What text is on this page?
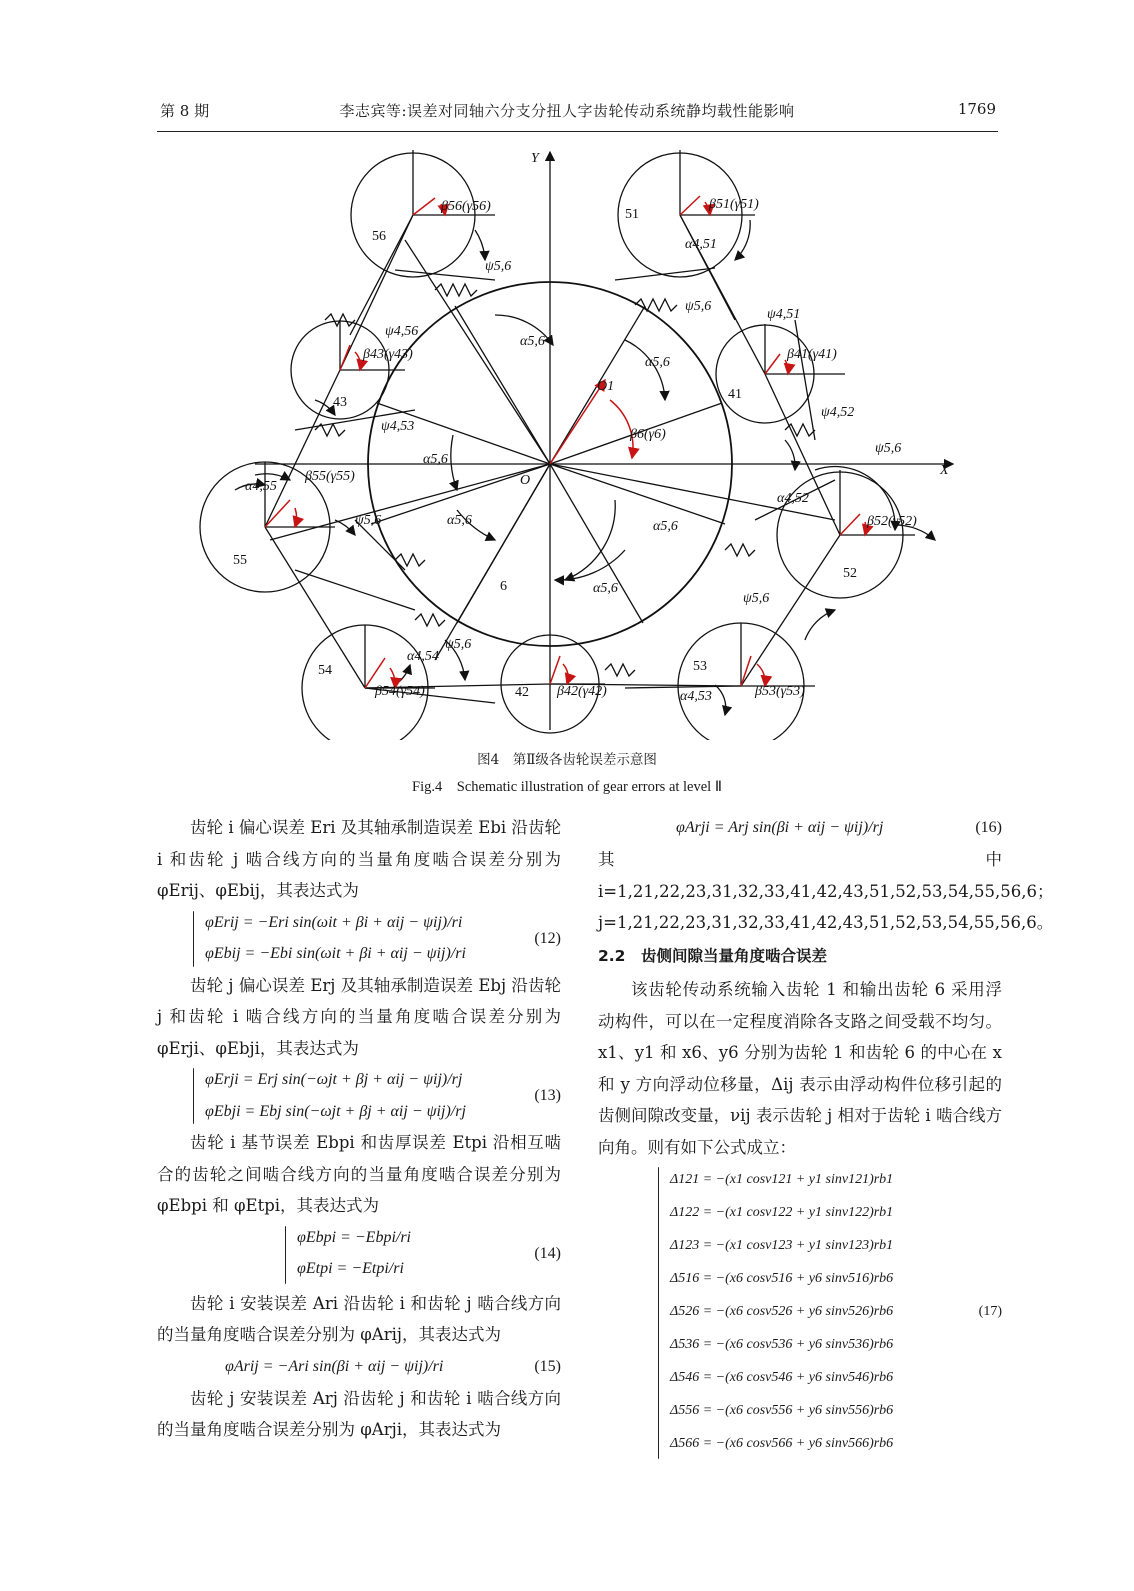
第 8 期	李志宾等:误差对同轴六分支分扭人字齿轮传动系统静均载性能影响	1769
Y
X
O
O1
6
β6(γ6)
α5,6
α5,6
α5,6
α5,6	α5,6
α5,6
ψ5,6
ψ5,6
ψ5,6
ψ5,6
ψ5,6
ψ5,6
56
51
43
41
55
52
54
42
53
β56(γ56)	β51(γ51)
β43(γ43)	β41(γ41)
β55(γ55)
β52(γ52)
β54(γ54)	β42(γ42)	β53(γ53)
α4,51
α4,55
α4,52
α4,54
α4,53
ψ4,56
ψ4,51
ψ4,53
ψ4,52
图4　第Ⅱ级各齿轮误差示意图
Fig.4　Schematic illustration of gear errors at level Ⅱ

齿轮 i 偏心误差 Eri 及其轴承制造误差 Ebi 沿齿轮 i 和齿轮 j 啮合线方向的当量角度啮合误差分别为 φErij、φEbij，其表达式为

φErij = −Eri sin(ωit + βi + αij − ψij)/ri
φEbij = −Ebi sin(ωit + βi + αij − ψij)/ri
(12)

齿轮 j 偏心误差 Erj 及其轴承制造误差 Ebj 沿齿轮 j 和齿轮 i 啮合线方向的当量角度啮合误差分别为 φErji、φEbji，其表达式为

φErji = Erj sin(−ωjt + βj + αij − ψij)/rj
φEbji = Ebj sin(−ωjt + βj + αij − ψij)/rj
(13)

齿轮 i 基节误差 Ebpi 和齿厚误差 Etpi 沿相互啮合的齿轮之间啮合线方向的当量角度啮合误差分别为 φEbpi 和 φEtpi，其表达式为

φEbpi = −Ebpi/ri
φEtpi = −Etpi/ri
(14)

齿轮 i 安装误差 Ari 沿齿轮 i 和齿轮 j 啮合线方向的当量角度啮合误差分别为 φArij，其表达式为

φArij = −Ari sin(βi + αij − ψij)/ri	(15)

齿轮 j 安装误差 Arj 沿齿轮 j 和齿轮 i 啮合线方向的当量角度啮合误差分别为 φArji，其表达式为

φArji = Arj sin(βi + αij − ψij)/rj	(16)

其中 i=1,21,22,23,31,32,33,41,42,43,51,52,53,54,55,56,6；j=1,21,22,23,31,32,33,41,42,43,51,52,53,54,55,56,6。

2.2　齿侧间隙当量角度啮合误差

该齿轮传动系统输入齿轮 1 和输出齿轮 6 采用浮动构件，可以在一定程度消除各支路之间受载不均匀。x1、y1 和 x6、y6 分别为齿轮 1 和齿轮 6 的中心在 x 和 y 方向浮动位移量，Δij 表示由浮动构件位移引起的齿侧间隙改变量，νij 表示齿轮 j 相对于齿轮 i 啮合线方向角。则有如下公式成立：

Δ121 = −(x1 cosν121 + y1 sinν121)rb1
Δ122 = −(x1 cosν122 + y1 sinν122)rb1
Δ123 = −(x1 cosν123 + y1 sinν123)rb1
Δ516 = −(x6 cosν516 + y6 sinν516)rb6
Δ526 = −(x6 cosν526 + y6 sinν526)rb6
Δ536 = −(x6 cosν536 + y6 sinν536)rb6
Δ546 = −(x6 cosν546 + y6 sinν546)rb6
Δ556 = −(x6 cosν556 + y6 sinν556)rb6
Δ566 = −(x6 cosν566 + y6 sinν566)rb6
(17)
